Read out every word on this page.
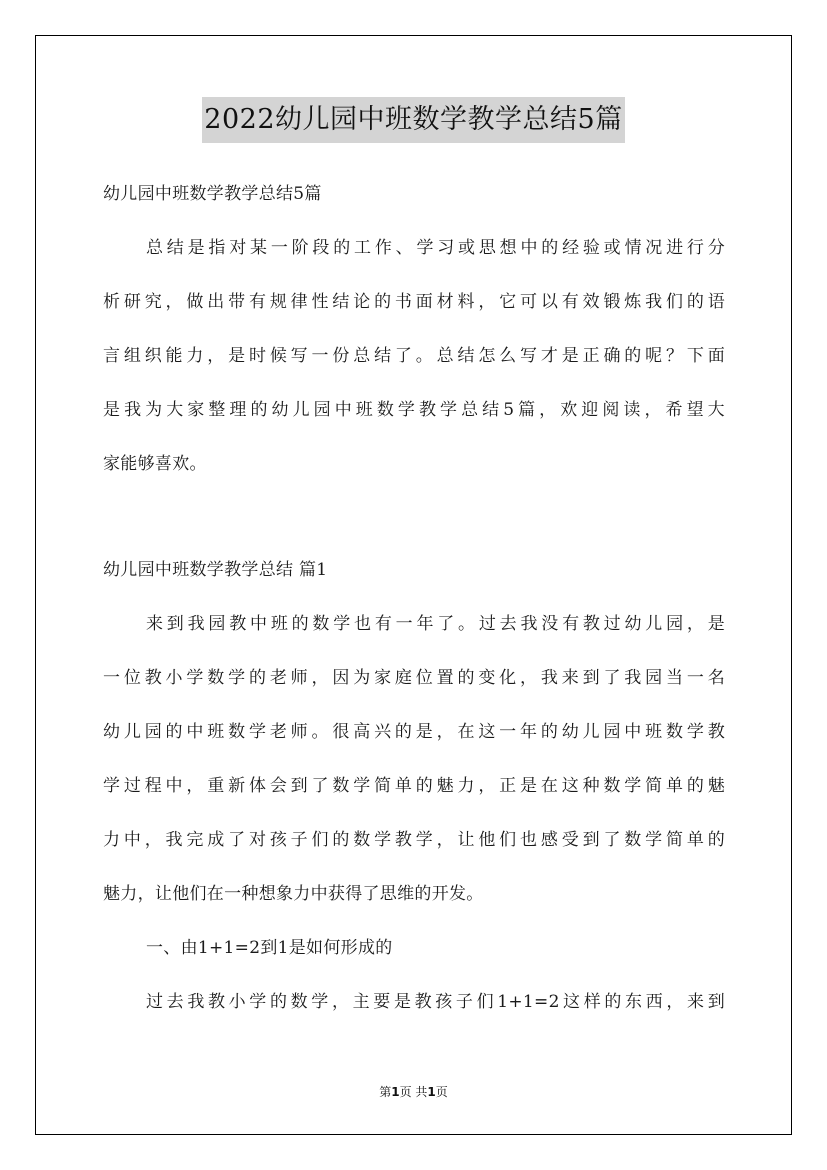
2022幼儿园中班数学教学总结5篇
幼儿园中班数学教学总结5篇
总结是指对某一阶段的工作、学习或思想中的经验或情况进行分
析研究，做出带有规律性结论的书面材料，它可以有效锻炼我们的语
言组织能力，是时候写一份总结了。总结怎么写才是正确的呢？下面
是我为大家整理的幼儿园中班数学教学总结5篇，欢迎阅读，希望大
家能够喜欢。
幼儿园中班数学教学总结 篇1
来到我园教中班的数学也有一年了。过去我没有教过幼儿园，是
一位教小学数学的老师，因为家庭位置的变化，我来到了我园当一名
幼儿园的中班数学老师。很高兴的是，在这一年的幼儿园中班数学教
学过程中，重新体会到了数学简单的魅力，正是在这种数学简单的魅
力中，我完成了对孩子们的数学教学，让他们也感受到了数学简单的
魅力，让他们在一种想象力中获得了思维的开发。
一、由1+1=2到1是如何形成的
过去我教小学的数学，主要是教孩子们1+1=2这样的东西，来到
第1页 共1页
